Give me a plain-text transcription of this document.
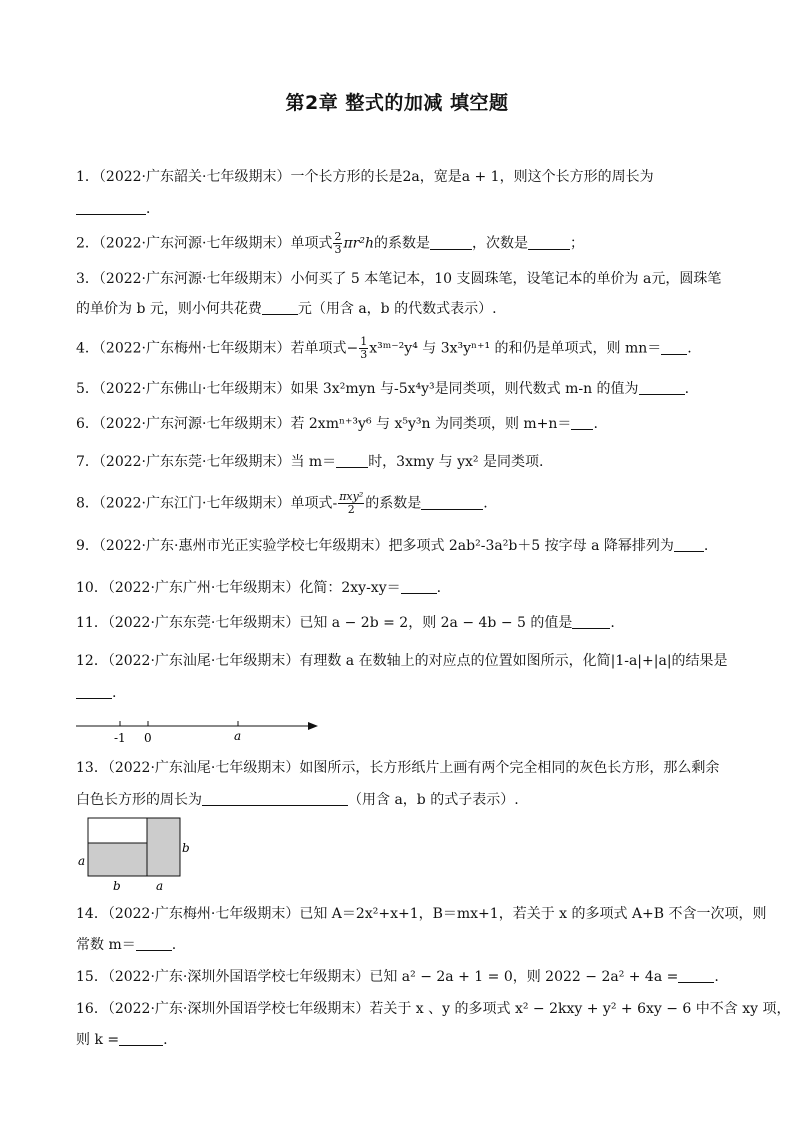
第2章 整式的加减 填空题
1．（2022·广东韶关·七年级期末）一个长方形的长是2a，宽是a + 1，则这个长方形的周长为
．
2．（2022·广东河源·七年级期末）单项式 $\frac{2}{3} \pi r^2h$的系数是	，次数是	；
3．（2022·广东河源·七年级期末）小何买了 5 本笔记本，10 支圆珠笔，设笔记本的单价为 a元，圆珠笔
的单价为 b 元，则小何共花费	元（用含 a，b 的代数式表示）.
4．（2022·广东梅州·七年级期末）若单项式− $\frac{1}{3}$ x³ᵐ⁻²y⁴ 与 3x³yⁿ⁺¹ 的和仍是单项式，则 mn＝ .
5．（2022·广东佛山·七年级期末）如果 3x²myn 与-5x⁴y³是同类项，则代数式 m-n 的值为	.
6．（2022·广东河源·七年级期末）若 2xmⁿ⁺³y⁶ 与 x⁵y³n 为同类项，则 m+n＝ .
7．（2022·广东东莞·七年级期末）当 m＝ 时，3xmy 与 yx² 是同类项.
8．（2022·广东江门·七年级期末）单项式- $\frac{\text{πxy²}}{2}$ 的系数是	.
9．（2022·广东·惠州市光正实验学校七年级期末）把多项式 2ab²-3a²b＋5 按字母 a 降幂排列为 .
10．（2022·广东广州·七年级期末）化简：2xy-xy＝	.
11．（2022·广东东莞·七年级期末）已知 a − 2b = 2，则 2a − 4b − 5 的值是	.
12．（2022·广东汕尾·七年级期末）有理数 a 在数轴上的对应点的位置如图所示，化简|1-a|+|a|的结果是
.
-1 0	a
13．（2022·广东汕尾·七年级期末）如图所示，长方形纸片上画有两个完全相同的灰色长方形，那么剩余
白色长方形的周长为	（用含 a，b 的式子表示）.
a
b
b	a
14．（2022·广东梅州·七年级期末）已知 A＝2x²+x+1，B＝mx+1，若关于 x 的多项式 A+B 不含一次项，则
常数 m＝	.
15．（2022·广东·深圳外国语学校七年级期末）已知 a² − 2a + 1 = 0，则 2022 − 2a² + 4a =	.
16．（2022·广东·深圳外国语学校七年级期末）若关于 x 、y 的多项式 x² − 2kxy + y² + 6xy − 6 中不含 xy 项，
则 k =	.
